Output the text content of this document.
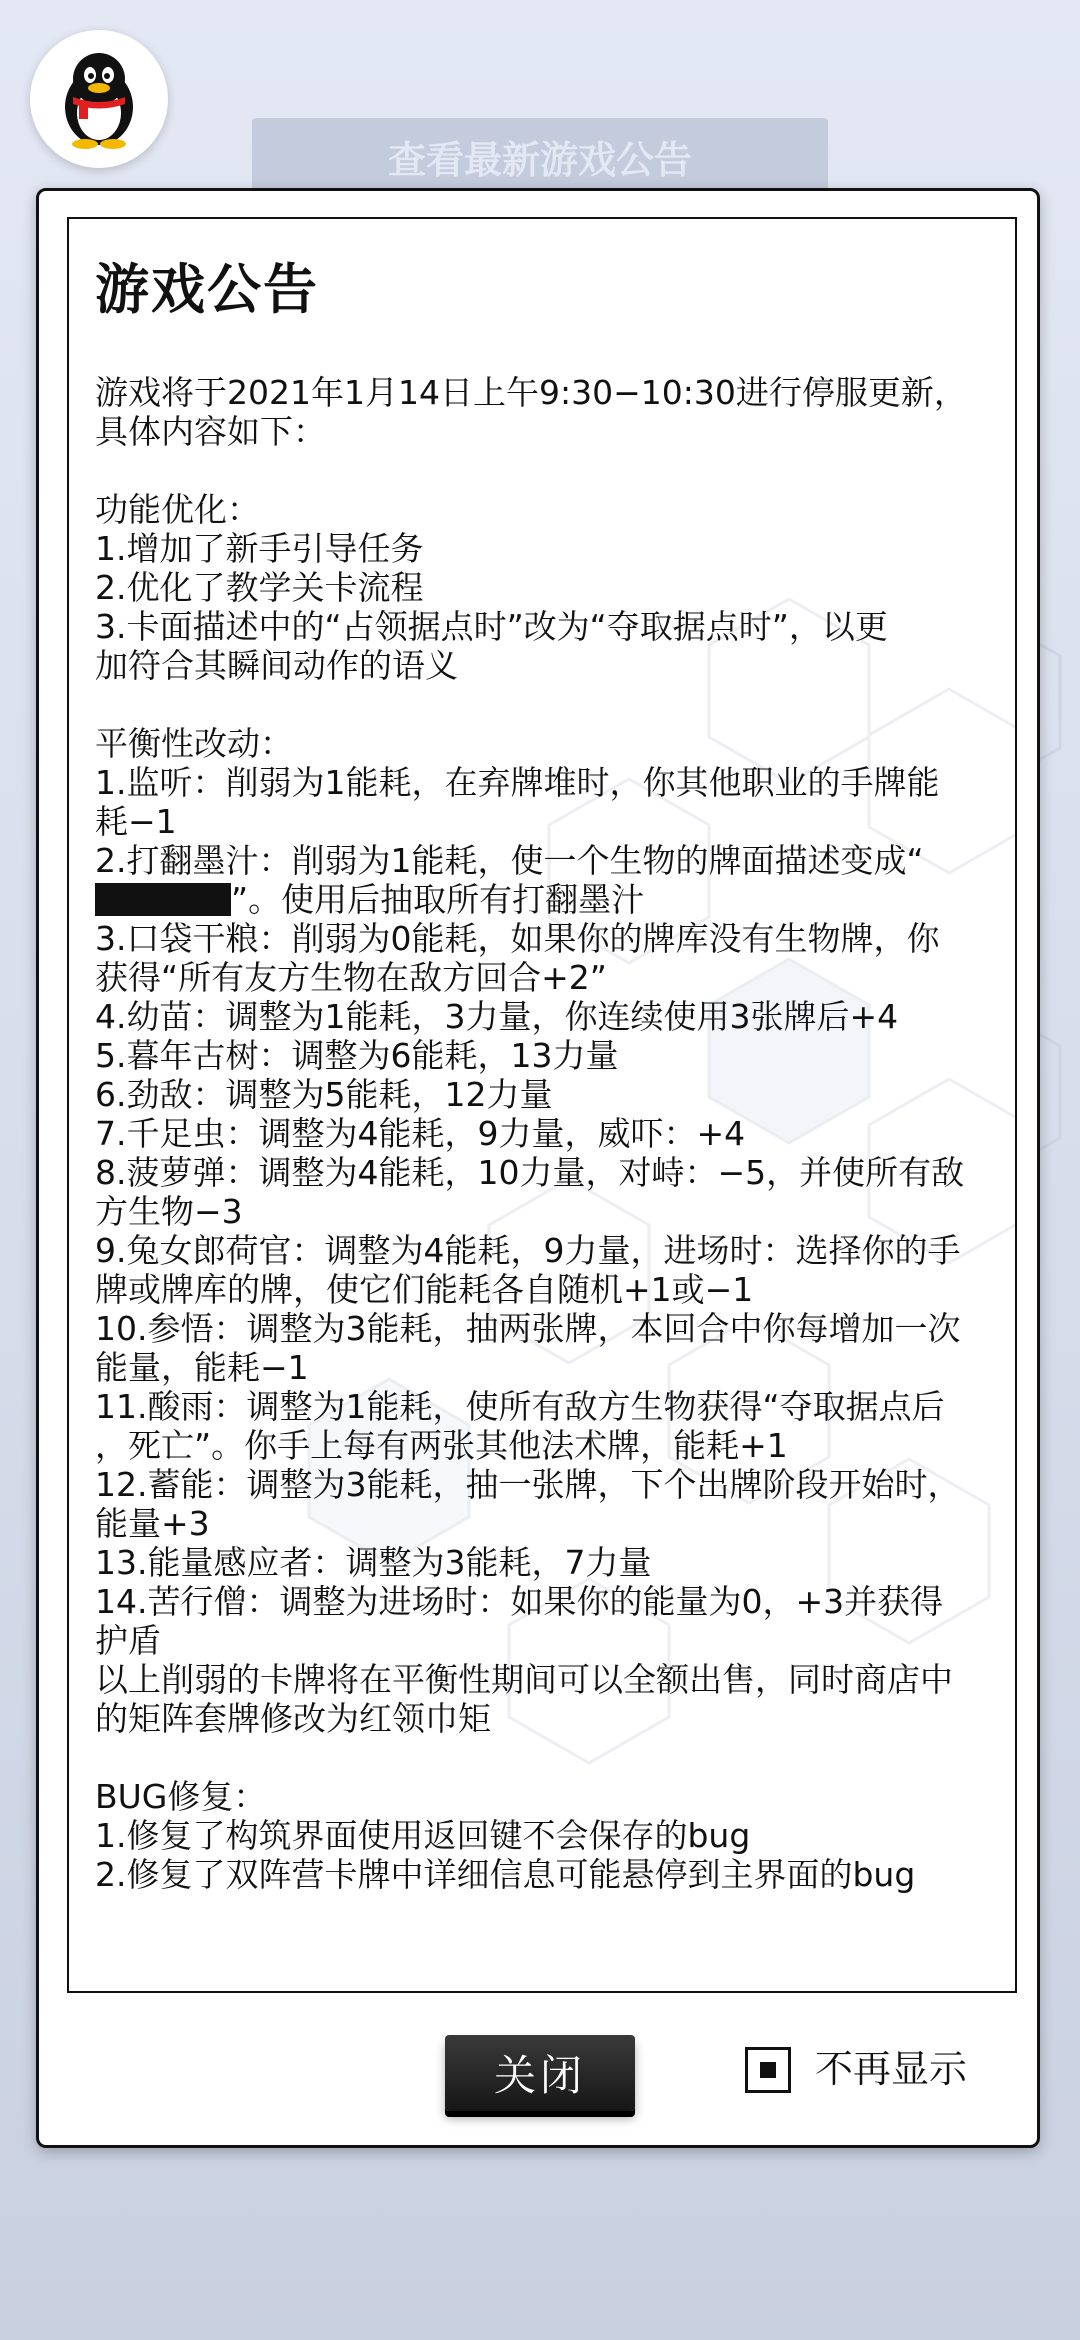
查看最新游戏公告
游戏公告
游戏将于2021年1月14日上午9:30−10:30进行停服更新，
具体内容如下：
功能优化：
1.增加了新手引导任务
2.优化了教学关卡流程
3.卡面描述中的“占领据点时”改为“夺取据点时”，以更
加符合其瞬间动作的语义
平衡性改动：
1.监听：削弱为1能耗，在弃牌堆时，你其他职业的手牌能
耗−1
2.打翻墨汁：削弱为1能耗，使一个生物的牌面描述变成“
”。使用后抽取所有打翻墨汁
3.口袋干粮：削弱为0能耗，如果你的牌库没有生物牌，你
获得“所有友方生物在敌方回合+2”
4.幼苗：调整为1能耗，3力量，你连续使用3张牌后+4
5.暮年古树：调整为6能耗，13力量
6.劲敌：调整为5能耗，12力量
7.千足虫：调整为4能耗，9力量，威吓：+4
8.菠萝弹：调整为4能耗，10力量，对峙：−5，并使所有敌
方生物−3
9.兔女郎荷官：调整为4能耗，9力量，进场时：选择你的手
牌或牌库的牌，使它们能耗各自随机+1或−1
10.参悟：调整为3能耗，抽两张牌，本回合中你每增加一次
能量，能耗−1
11.酸雨：调整为1能耗，使所有敌方生物获得“夺取据点后
，死亡”。你手上每有两张其他法术牌，能耗+1
12.蓄能：调整为3能耗，抽一张牌，下个出牌阶段开始时，
能量+3
13.能量感应者：调整为3能耗，7力量
14.苦行僧：调整为进场时：如果你的能量为0，+3并获得
护盾
以上削弱的卡牌将在平衡性期间可以全额出售，同时商店中
的矩阵套牌修改为红领巾矩
BUG修复：
1.修复了构筑界面使用返回键不会保存的bug
2.修复了双阵营卡牌中详细信息可能悬停到主界面的bug
关闭	不再显示
